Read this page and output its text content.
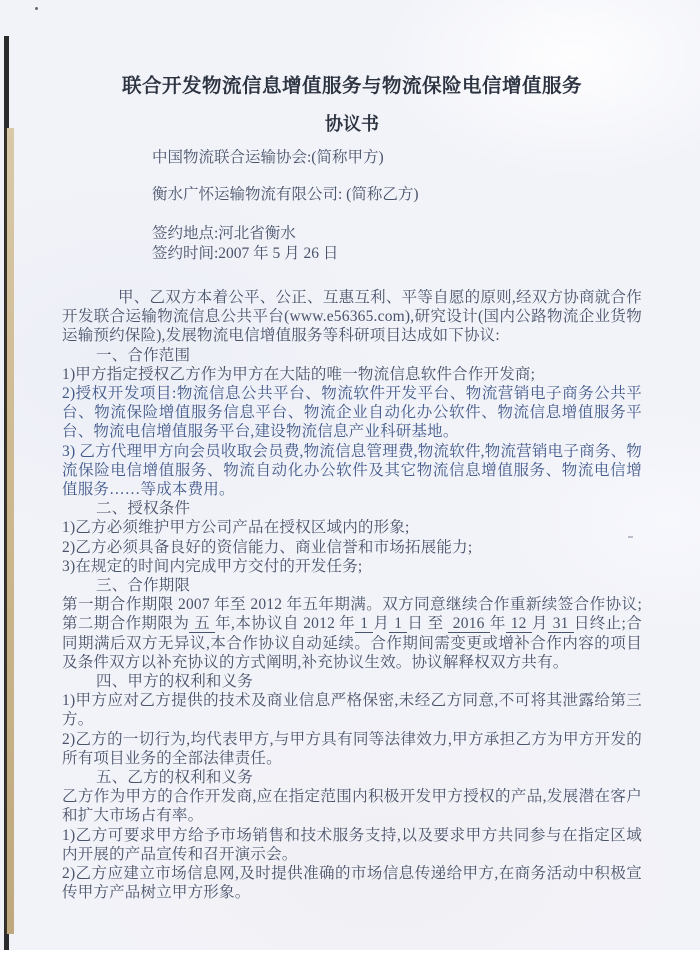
联合开发物流信息增值服务与物流保险电信增值服务
协议书

中国物流联合运输协会:(简称甲方)

衡水广怀运输物流有限公司: (简称乙方)

签约地点:河北省衡水

签约时间:2007 年 5 月 26 日

甲、乙双方本着公平、公正、互惠互利、平等自愿的原则,经双方协商就合作开发联合运输物流信息公共平台(www.e56365.com),研究设计(国内公路物流企业货物运输预约保险),发展物流电信增值服务等科研项目达成如下协议:

一、合作范围

1)甲方指定授权乙方作为甲方在大陆的唯一物流信息软件合作开发商;

2)授权开发项目:物流信息公共平台、物流软件开发平台、物流营销电子商务公共平台、物流保险增值服务信息平台、物流企业自动化办公软件、物流信息增值服务平台、物流电信增值服务平台,建设物流信息产业科研基地。

3) 乙方代理甲方向会员收取会员费,物流信息管理费,物流软件,物流营销电子商务、物流保险电信增值服务、物流自动化办公软件及其它物流信息增值服务、物流电信增值服务……等成本费用。

二、授权条件

1)乙方必须维护甲方公司产品在授权区域内的形象;

2)乙方必须具备良好的资信能力、商业信誉和市场拓展能力;

3)在规定的时间内完成甲方交付的开发任务;

三、合作期限

第一期合作期限 2007 年至 2012 年五年期满。双方同意继续合作重新续签合作协议;第二期合作期限为 五 年,本协议自 2012 年 1 月 1 日 至 2016 年 12 月 31 日终止;合同期满后双方无异议,本合作协议自动延续。合作期间需变更或增补合作内容的项目及条件双方以补充协议的方式阐明,补充协议生效。协议解释权双方共有。

四、甲方的权利和义务

1)甲方应对乙方提供的技术及商业信息严格保密,未经乙方同意,不可将其泄露给第三方。

2)乙方的一切行为,均代表甲方,与甲方具有同等法律效力,甲方承担乙方为甲方开发的所有项目业务的全部法律责任。

五、乙方的权利和义务

乙方作为甲方的合作开发商,应在指定范围内积极开发甲方授权的产品,发展潜在客户和扩大市场占有率。

1)乙方可要求甲方给予市场销售和技术服务支持,以及要求甲方共同参与在指定区域内开展的产品宣传和召开演示会。

2)乙方应建立市场信息网,及时提供准确的市场信息传递给甲方,在商务活动中积极宣传甲方产品树立甲方形象。
